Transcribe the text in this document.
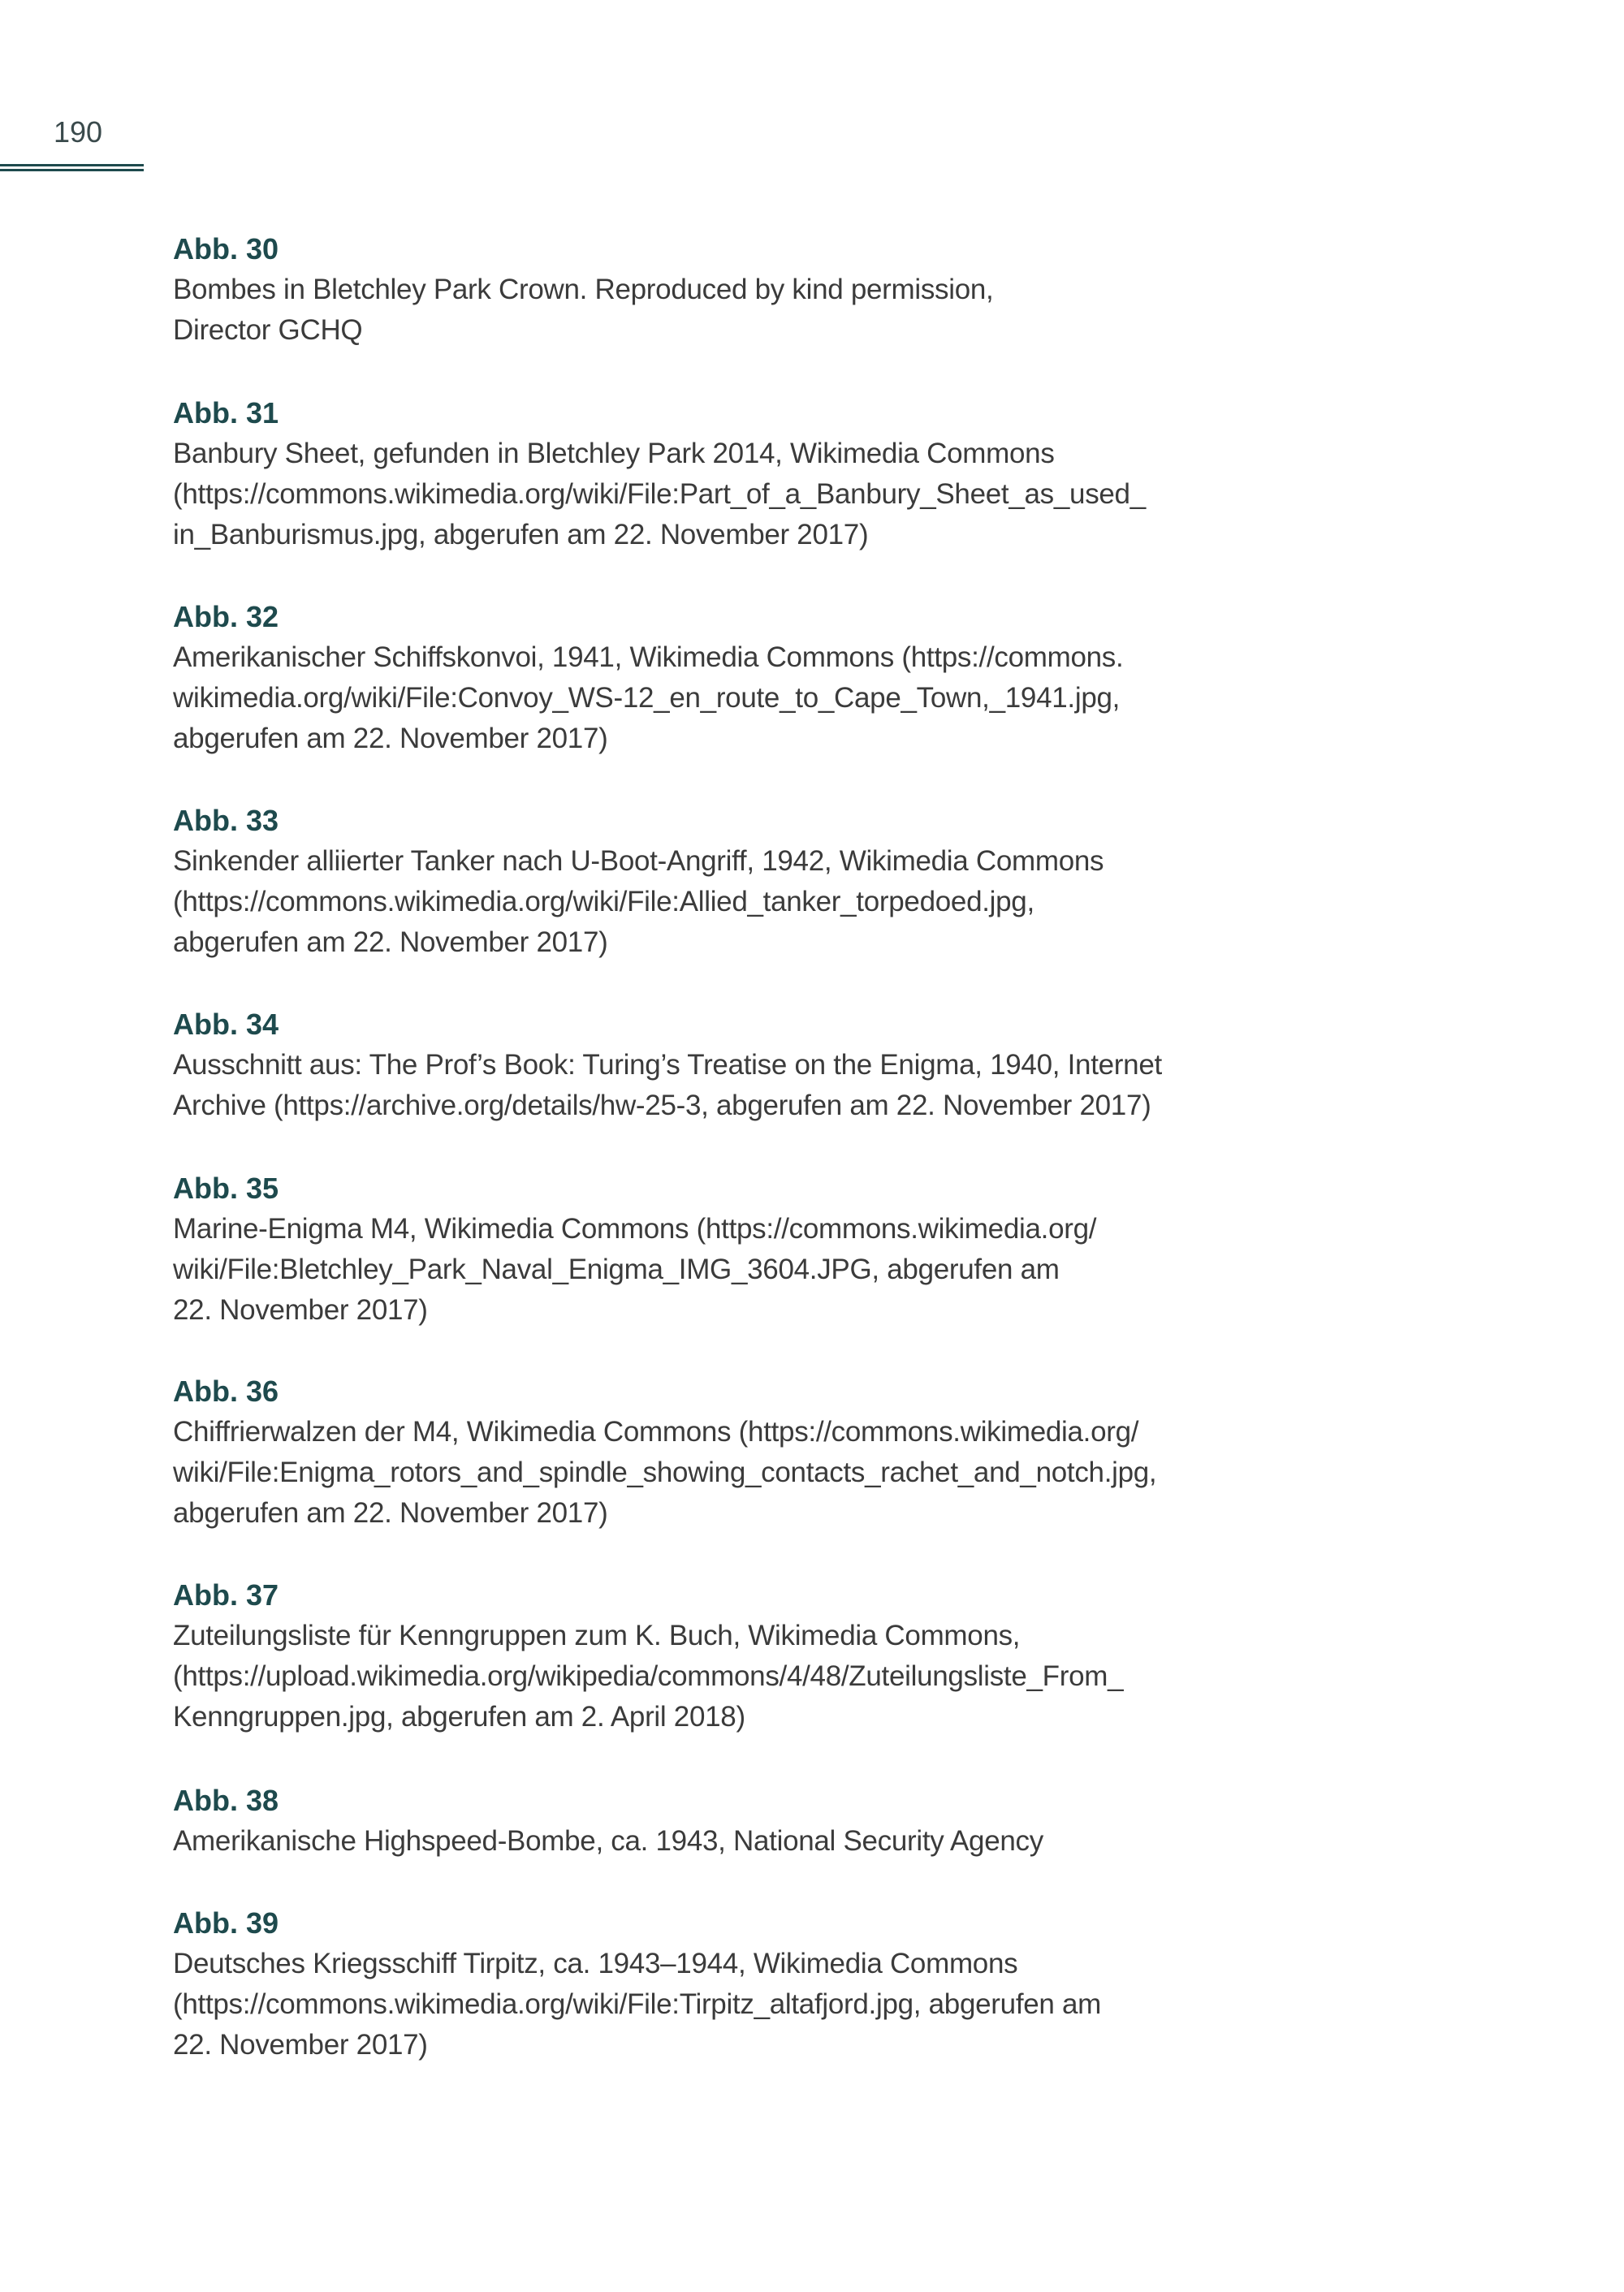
190
Abb. 30
Bombes in Bletchley Park Crown. Reproduced by kind permission,
Director GCHQ
Abb. 31
Banbury Sheet, gefunden in Bletchley Park 2014, Wikimedia Commons
(https://commons.wikimedia.org/wiki/File:Part_of_a_Banbury_Sheet_as_used_
in_Banburismus.jpg, abgerufen am 22. November 2017)
Abb. 32
Amerikanischer Schiffskonvoi, 1941, Wikimedia Commons (https://commons.
wikimedia.org/wiki/File:Convoy_WS-12_en_route_to_Cape_Town,_1941.jpg,
abgerufen am 22. November 2017)
Abb. 33
Sinkender alliierter Tanker nach U-Boot-Angriff, 1942, Wikimedia Commons
(https://commons.wikimedia.org/wiki/File:Allied_tanker_torpedoed.jpg,
abgerufen am 22. November 2017)
Abb. 34
Ausschnitt aus: The Prof’s Book: Turing’s Treatise on the Enigma, 1940, Internet
Archive (https://archive.org/details/hw-25-3, abgerufen am 22. November 2017)
Abb. 35
Marine-Enigma M4, Wikimedia Commons (https://commons.wikimedia.org/
wiki/File:Bletchley_Park_Naval_Enigma_IMG_3604.JPG, abgerufen am
22. November 2017)
Abb. 36
Chiffrierwalzen der M4, Wikimedia Commons (https://commons.wikimedia.org/
wiki/File:Enigma_rotors_and_spindle_showing_contacts_rachet_and_notch.jpg,
abgerufen am 22. November 2017)
Abb. 37
Zuteilungsliste für Kenngruppen zum K. Buch, Wikimedia Commons,
(https://upload.wikimedia.org/wikipedia/commons/4/48/Zuteilungsliste_From_
Kenngruppen.jpg, abgerufen am 2. April 2018)
Abb. 38
Amerikanische Highspeed-Bombe, ca. 1943, National Security Agency
Abb. 39
Deutsches Kriegsschiff Tirpitz, ca. 1943–1944, Wikimedia Commons
(https://commons.wikimedia.org/wiki/File:Tirpitz_altafjord.jpg, abgerufen am
22. November 2017)
